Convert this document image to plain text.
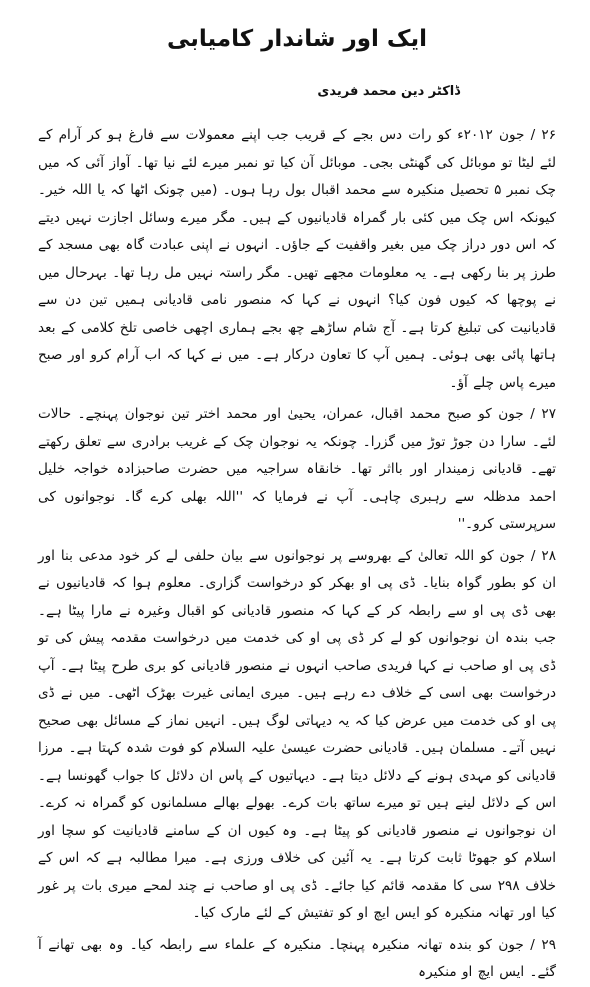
ایک اور شاندار کامیابی
ڈاکٹر دین محمد فریدی

۲۶ / جون ۲۰۱۲ء کو رات دس بجے کے قریب جب اپنے معمولات سے فارغ ہو کر آرام کے لئے لیٹا تو موبائل کی گھنٹی بجی۔ موبائل آن کیا تو نمبر میرے لئے نیا تھا۔ آواز آئی کہ میں چک نمبر ۵ تحصیل منکیرہ سے محمد اقبال بول رہا ہوں۔ (میں چونک اٹھا کہ یا اللہ خیر۔ کیونکہ اس چک میں کئی بار گمراہ قادیانیوں کے ہیں۔ مگر میرے وسائل اجازت نہیں دیتے کہ اس دور دراز چک میں بغیر واقفیت کے جاؤں۔ انہوں نے اپنی عبادت گاہ بھی مسجد کے طرز پر بنا رکھی ہے۔ یہ معلومات مجھے تھیں۔ مگر راستہ نہیں مل رہا تھا۔ بہرحال میں نے پوچھا کہ کیوں فون کیا؟ انہوں نے کہا کہ منصور نامی قادیانی ہمیں تین دن سے قادیانیت کی تبلیغ کرتا ہے۔ آج شام ساڑھے چھ بجے ہماری اچھی خاصی تلخ کلامی کے بعد ہاتھا پائی بھی ہوئی۔ ہمیں آپ کا تعاون درکار ہے۔ میں نے کہا کہ اب آرام کرو اور صبح میرے پاس چلے آؤ۔

۲۷ / جون کو صبح محمد اقبال، عمران، یحییٰ اور محمد اختر تین نوجوان پہنچے۔ حالات لئے۔ سارا دن جوڑ توڑ میں گزرا۔ چونکہ یہ نوجوان چک کے غریب برادری سے تعلق رکھتے تھے۔ قادیانی زمیندار اور بااثر تھا۔ خانقاہ سراجیہ میں حضرت صاحبزادہ خواجہ خلیل احمد مدظلہ سے رہبری چاہی۔ آپ نے فرمایا کہ ''اللہ بھلی کرے گا۔ نوجوانوں کی سرپرستی کرو۔''

۲۸ / جون کو اللہ تعالیٰ کے بھروسے پر نوجوانوں سے بیان حلفی لے کر خود مدعی بنا اور ان کو بطور گواہ بنایا۔ ڈی پی او بھکر کو درخواست گزاری۔ معلوم ہوا کہ قادیانیوں نے بھی ڈی پی او سے رابطہ کر کے کہا کہ منصور قادیانی کو اقبال وغیرہ نے مارا پیٹا ہے۔ جب بندہ ان نوجوانوں کو لے کر ڈی پی او کی خدمت میں درخواست مقدمہ پیش کی تو ڈی پی او صاحب نے کہا فریدی صاحب انہوں نے منصور قادیانی کو بری طرح پیٹا ہے۔ آپ درخواست بھی اسی کے خلاف دے رہے ہیں۔ میری ایمانی غیرت بھڑک اٹھی۔ میں نے ڈی پی او کی خدمت میں عرض کیا کہ یہ دیہاتی لوگ ہیں۔ انہیں نماز کے مسائل بھی صحیح نہیں آتے۔ مسلمان ہیں۔ قادیانی حضرت عیسیٰ علیہ السلام کو فوت شدہ کہتا ہے۔ مرزا قادیانی کو مہدی ہونے کے دلائل دیتا ہے۔ دیہاتیوں کے پاس ان دلائل کا جواب گھونسا ہے۔ اس کے دلائل لینے ہیں تو میرے ساتھ بات کرے۔ بھولے بھالے مسلمانوں کو گمراہ نہ کرے۔ ان نوجوانوں نے منصور قادیانی کو پیٹا ہے۔ وہ کیوں ان کے سامنے قادیانیت کو سچا اور اسلام کو جھوٹا ثابت کرتا ہے۔ یہ آئین کی خلاف ورزی ہے۔ میرا مطالبہ ہے کہ اس کے خلاف ۲۹۸ سی کا مقدمہ قائم کیا جائے۔ ڈی پی او صاحب نے چند لمحے میری بات پر غور کیا اور تھانہ منکیرہ کو ایس ایچ او کو تفتیش کے لئے مارک کیا۔

۲۹ / جون کو بندہ تھانہ منکیرہ پہنچا۔ منکیرہ کے علماء سے رابطہ کیا۔ وہ بھی تھانے آ گئے۔ ایس ایچ او منکیرہ
